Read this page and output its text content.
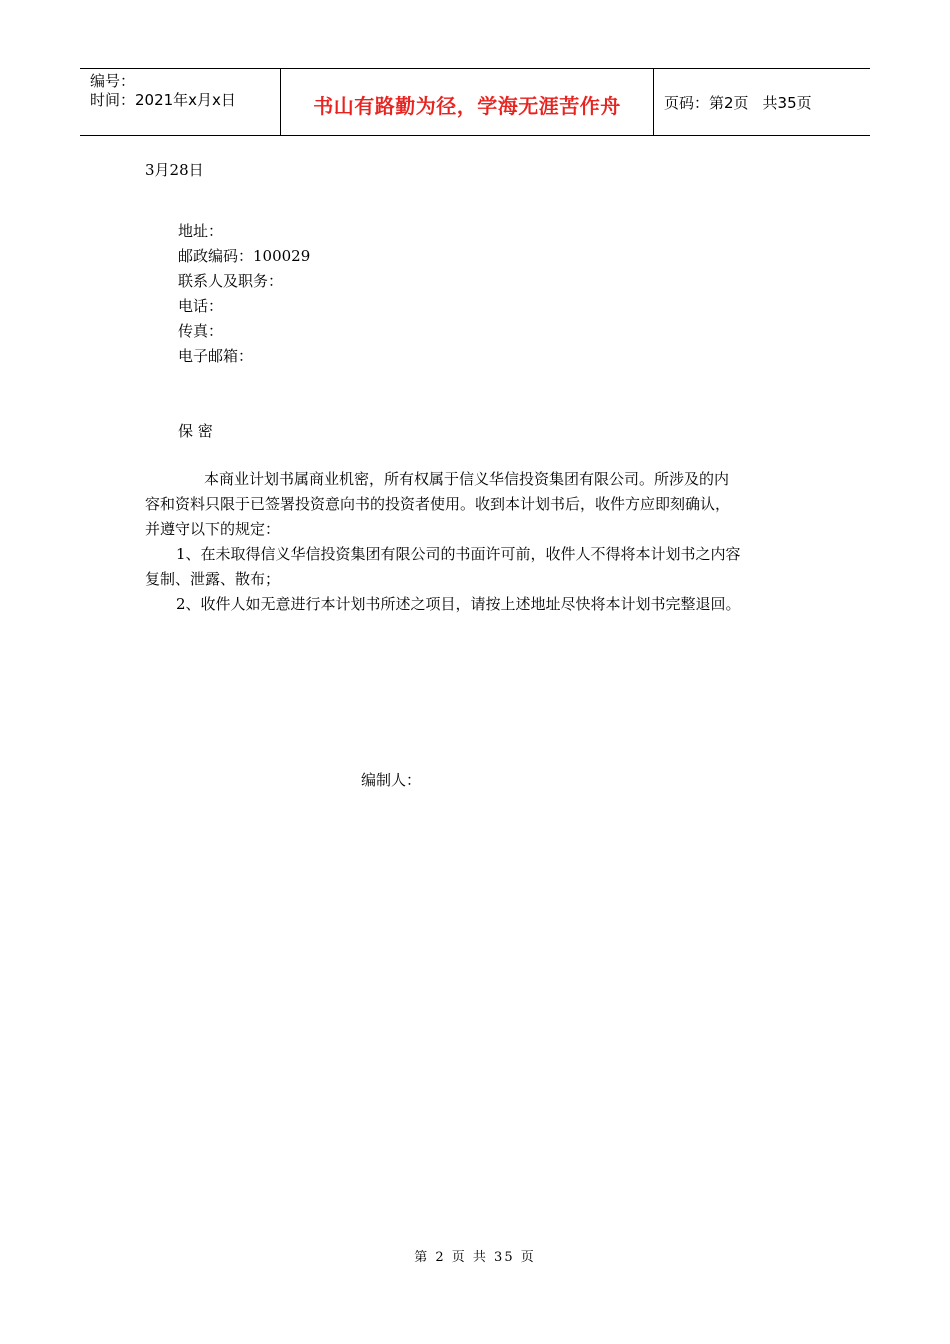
编号：
时间：2021年x月x日	书山有路勤为径，学海无涯苦作舟	页码：第2页 共35页
3月28日
地址：
邮政编码：100029
联系人及职务：
电话：
传真：
电子邮箱：
保 密
本商业计划书属商业机密，所有权属于信义华信投资集团有限公司。所涉及的内
容和资料只限于已签署投资意向书的投资者使用。收到本计划书后，收件方应即刻确认，
并遵守以下的规定：
1、在未取得信义华信投资集团有限公司的书面许可前，收件人不得将本计划书之内容
复制、泄露、散布；
2、收件人如无意进行本计划书所述之项目，请按上述地址尽快将本计划书完整退回。
编制人：
第 2 页 共 35 页
